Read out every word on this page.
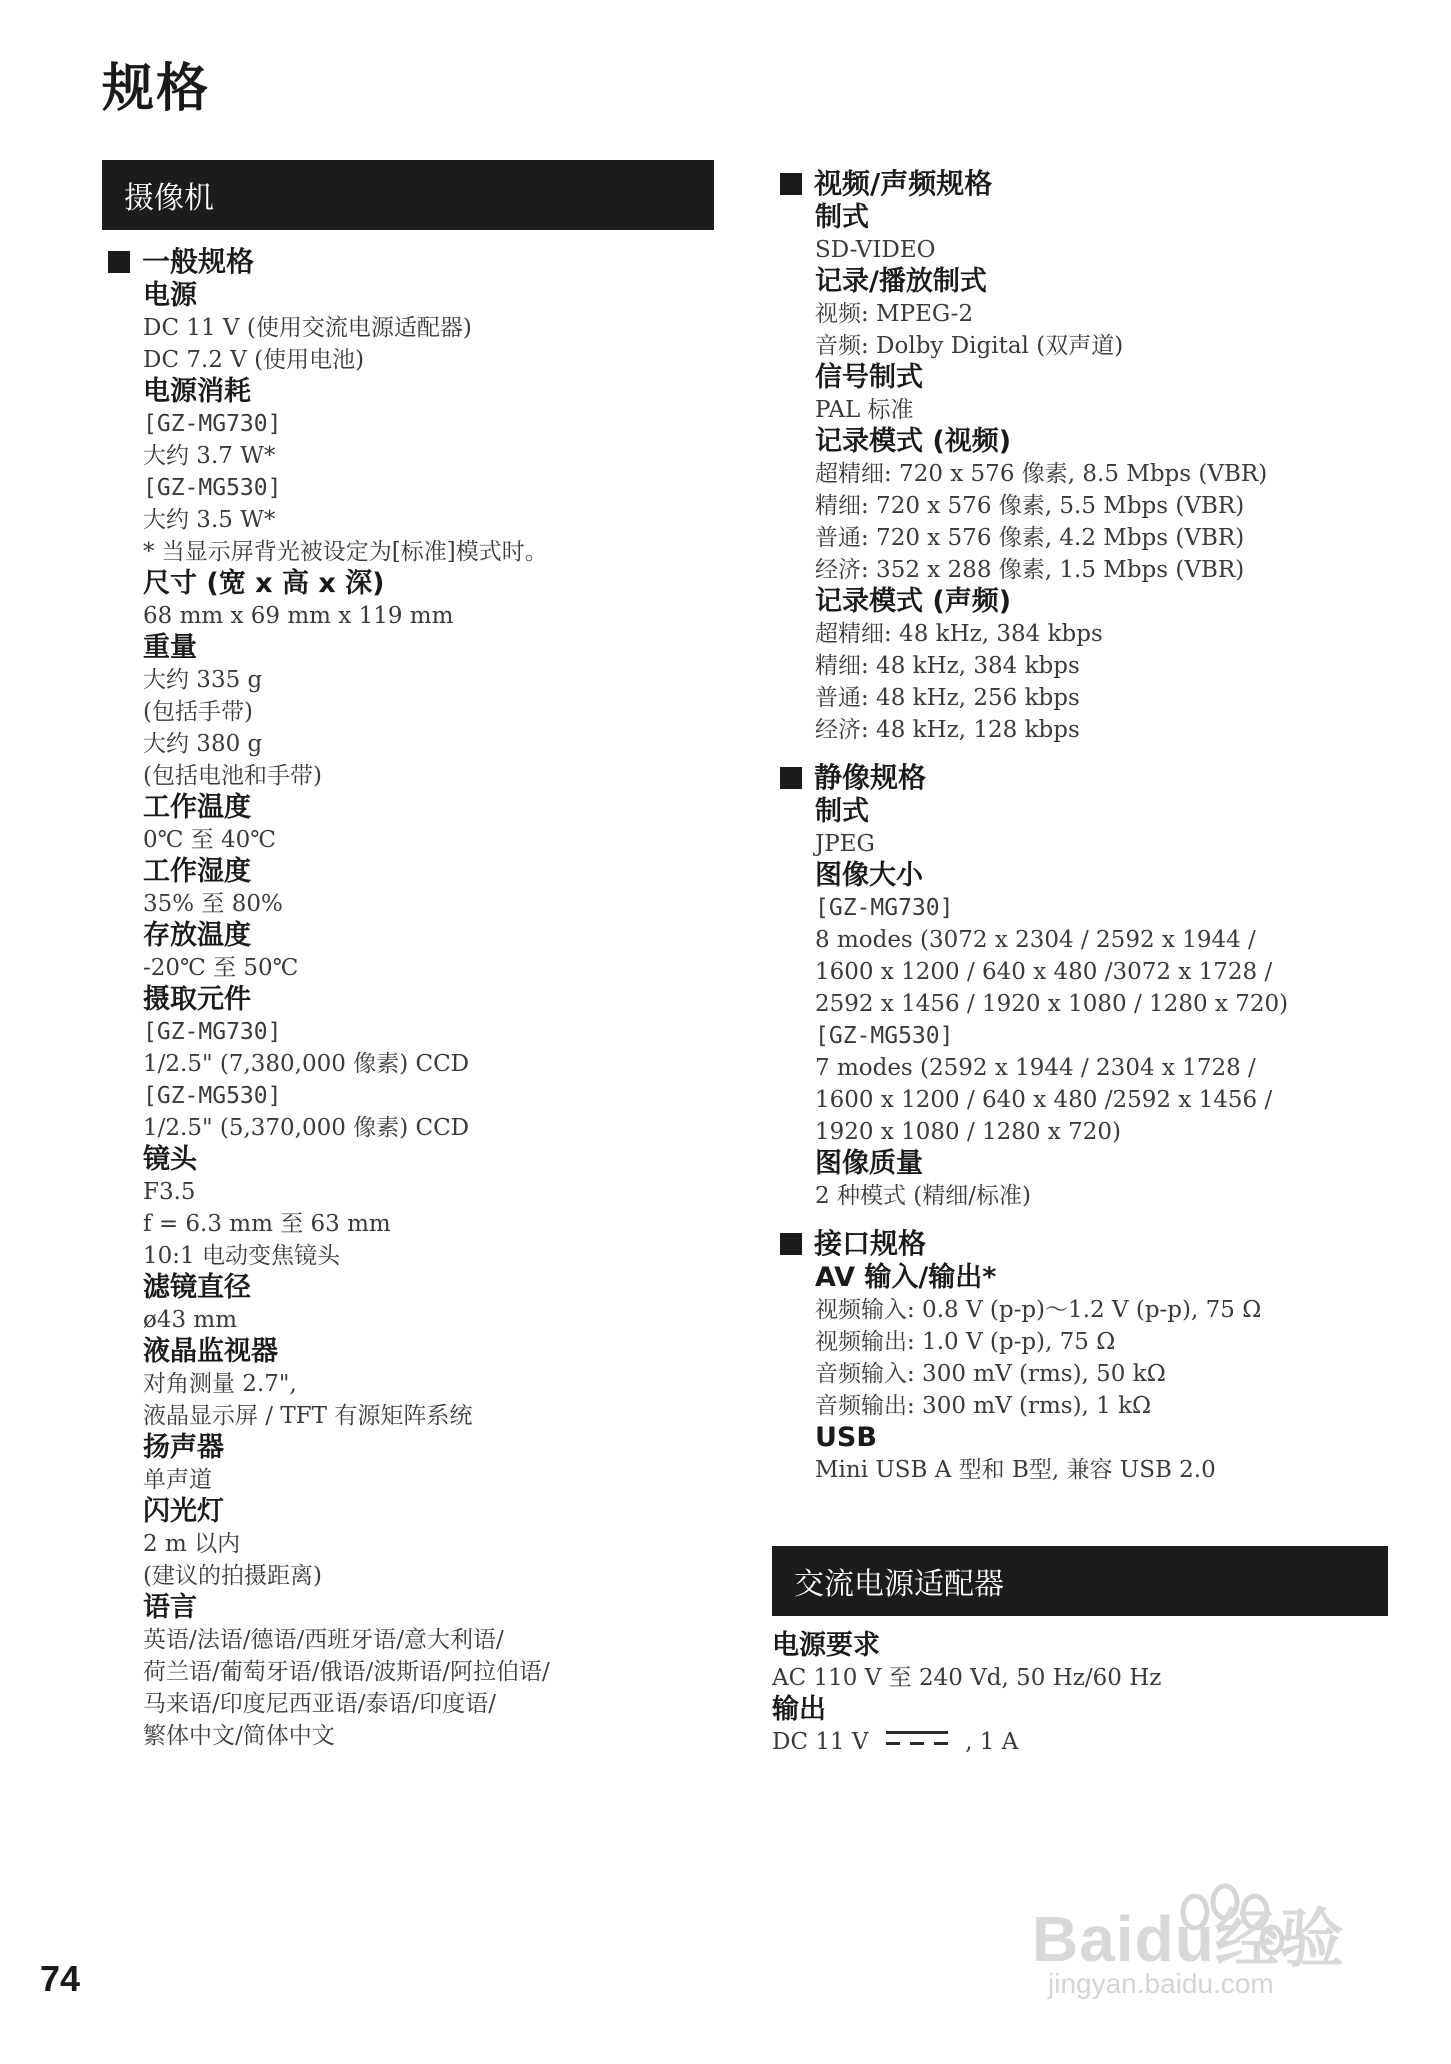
规格
摄像机
一般规格
电源
DC 11 V (使用交流电源适配器)
DC 7.2 V (使用电池)
电源消耗
[GZ-MG730]
大约 3.7 W*
[GZ-MG530]
大约 3.5 W*
* 当显示屏背光被设定为[标准]模式时。
尺寸 (宽 x 高 x 深)
68 mm x 69 mm x 119 mm
重量
大约 335 g
(包括手带)
大约 380 g
(包括电池和手带)
工作温度
0℃ 至 40℃
工作湿度
35% 至 80%
存放温度
-20℃ 至 50℃
摄取元件
[GZ-MG730]
1/2.5" (7,380,000 像素) CCD
[GZ-MG530]
1/2.5" (5,370,000 像素) CCD
镜头
F3.5
f = 6.3 mm 至 63 mm
10:1 电动变焦镜头
滤镜直径
ø43 mm
液晶监视器
对角测量 2.7",
液晶显示屏 / TFT 有源矩阵系统
扬声器
单声道
闪光灯
2 m 以内
(建议的拍摄距离)
语言
英语/法语/德语/西班牙语/意大利语/
荷兰语/葡萄牙语/俄语/波斯语/阿拉伯语/
马来语/印度尼西亚语/泰语/印度语/
繁体中文/简体中文
视频/声频规格
制式
SD-VIDEO
记录/播放制式
视频: MPEG-2
音频: Dolby Digital (双声道)
信号制式
PAL 标准
记录模式 (视频)
超精细: 720 x 576 像素, 8.5 Mbps (VBR)
精细: 720 x 576 像素, 5.5 Mbps (VBR)
普通: 720 x 576 像素, 4.2 Mbps (VBR)
经济: 352 x 288 像素, 1.5 Mbps (VBR)
记录模式 (声频)
超精细: 48 kHz, 384 kbps
精细: 48 kHz, 384 kbps
普通: 48 kHz, 256 kbps
经济: 48 kHz, 128 kbps
静像规格
制式
JPEG
图像大小
[GZ-MG730]
8 modes (3072 x 2304 / 2592 x 1944 /
1600 x 1200 / 640 x 480 /3072 x 1728 /
2592 x 1456 / 1920 x 1080 / 1280 x 720)
[GZ-MG530]
7 modes (2592 x 1944 / 2304 x 1728 /
1600 x 1200 / 640 x 480 /2592 x 1456 /
1920 x 1080 / 1280 x 720)
图像质量
2 种模式 (精细/标准)
接口规格
AV 输入/输出*
视频输入: 0.8 V (p-p)～1.2 V (p-p), 75 Ω
视频输出: 1.0 V (p-p), 75 Ω
音频输入: 300 mV (rms), 50 kΩ
音频输出: 300 mV (rms), 1 kΩ
USB
Mini USB A 型和 B型, 兼容 USB 2.0
交流电源适配器
电源要求
AC 110 V 至 240 Vd, 50 Hz/60 Hz
输出
DC 11 V	, 1 A
74
Baidu经验
jingyan.baidu.com
